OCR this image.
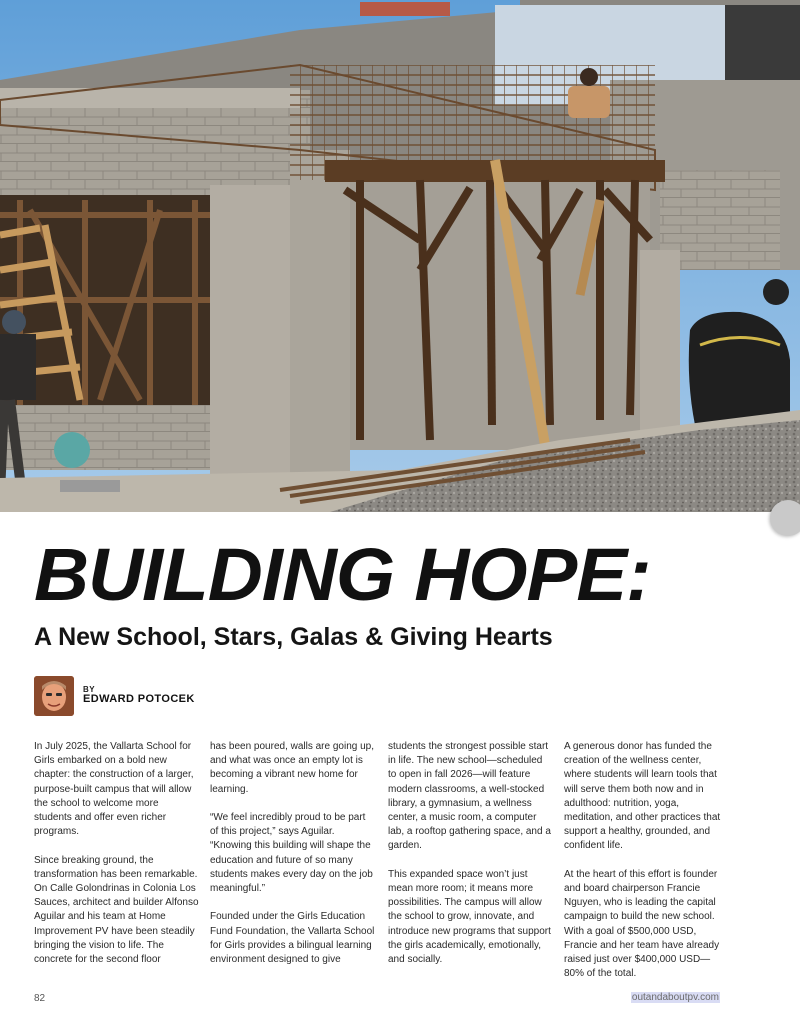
BUILDING HOPE:
A New School, Stars, Galas & Giving Hearts
BY
EDWARD POTOCEK

In July 2025, the Vallarta School for Girls embarked on a bold new chapter: the construction of a larger, purpose-built campus that will allow the school to welcome more students and offer even richer programs.

Since breaking ground, the transformation has been remarkable. On Calle Golondrinas in Colonia Los Sauces, architect and builder Alfonso Aguilar and his team at Home Improvement PV have been steadily bringing the vision to life. The concrete for the second floor

has been poured, walls are going up, and what was once an empty lot is becoming a vibrant new home for learning.

“We feel incredibly proud to be part of this project,” says Aguilar. “Knowing this building will shape the education and future of so many students makes every day on the job meaningful.”

Founded under the Girls Education Fund Foundation, the Vallarta School for Girls provides a bilingual learning environment designed to give

students the strongest possible start in life. The new school—scheduled to open in fall 2026—will feature modern classrooms, a well-stocked library, a gymnasium, a wellness center, a music room, a computer lab, a rooftop gathering space, and a garden.

This expanded space won’t just mean more room; it means more possibilities. The campus will allow the school to grow, innovate, and introduce new programs that support the girls academically, emotionally, and socially.

A generous donor has funded the creation of the wellness center, where students will learn tools that will serve them both now and in adulthood: nutrition, yoga, meditation, and other practices that support a healthy, grounded, and confident life.

At the heart of this effort is founder and board chairperson Francie Nguyen, who is leading the capital campaign to build the new school. With a goal of $500,000 USD, Francie and her team have already raised just over $400,000 USD—80% of the total.

82	outandaboutpv.com
